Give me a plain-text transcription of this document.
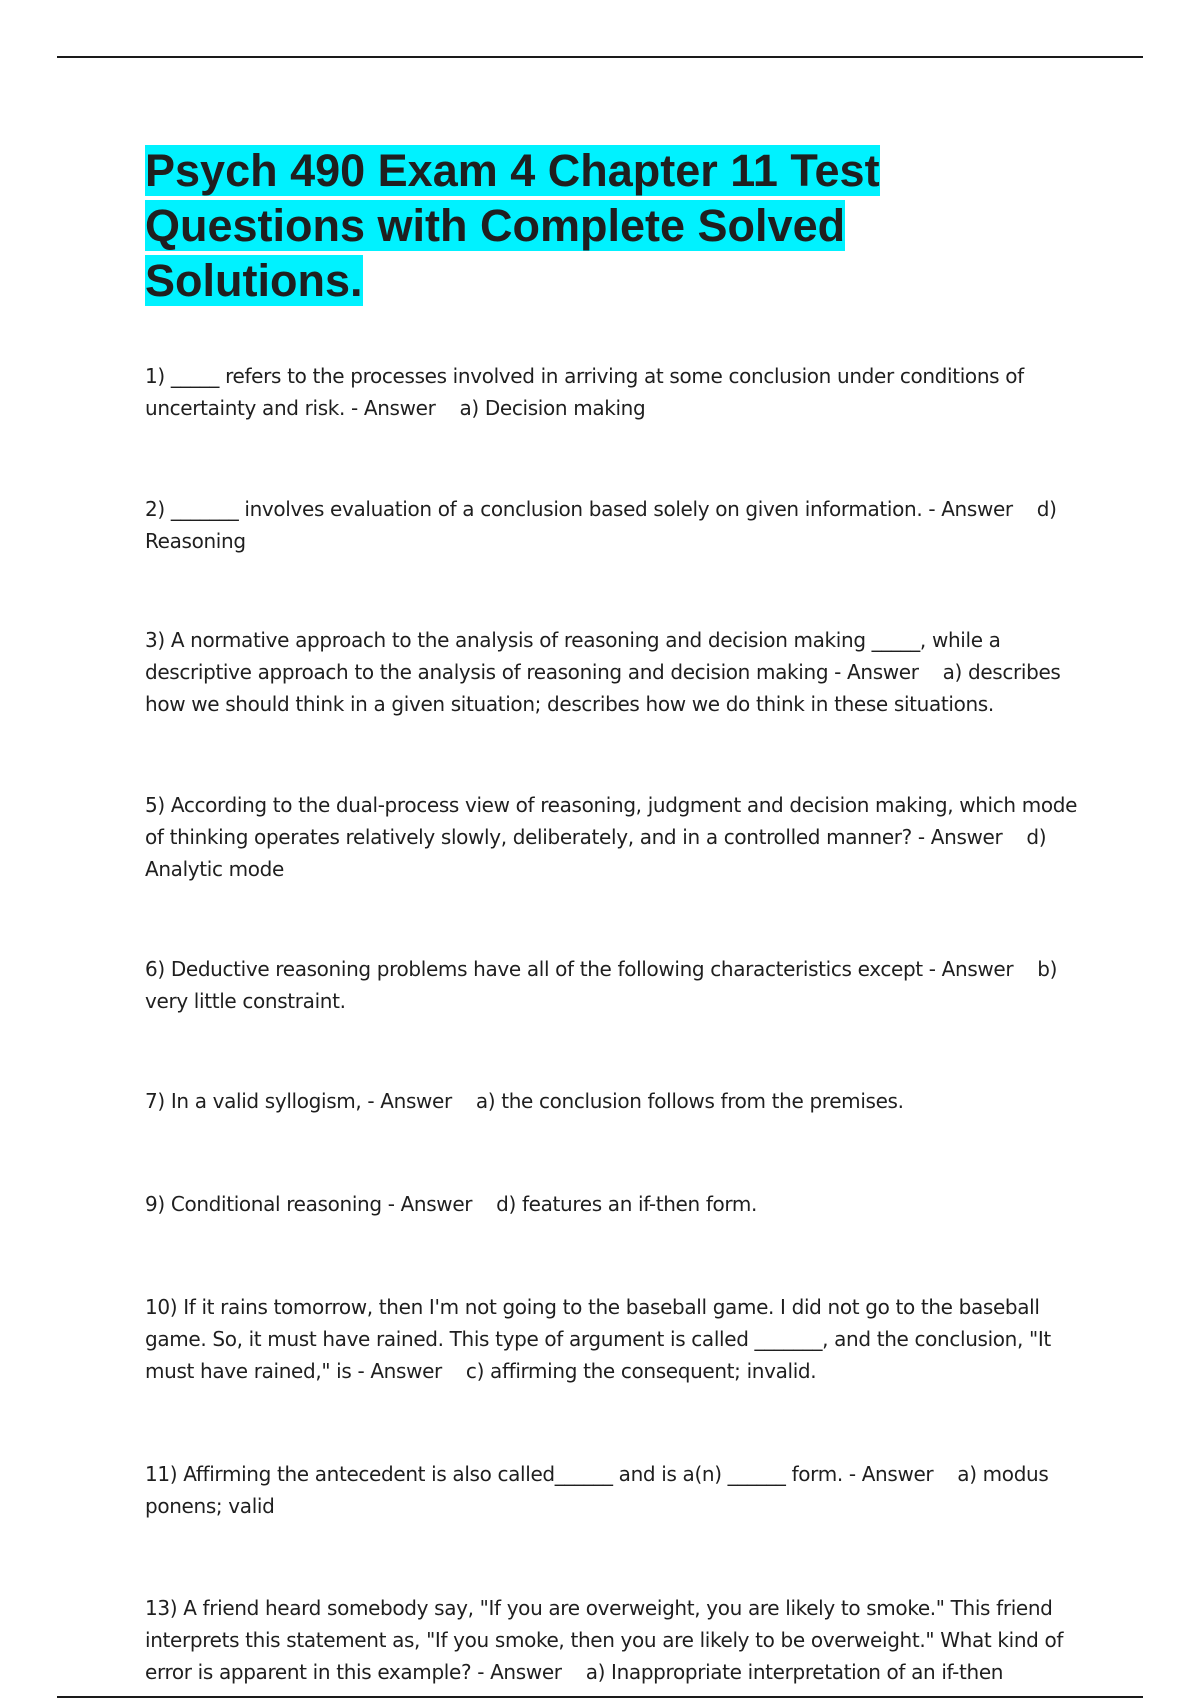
Psych 490 Exam 4 Chapter 11 Test Questions with Complete Solved Solutions.

1) _____ refers to the processes involved in arriving at some conclusion under conditions of uncertainty and risk. - Answer    a) Decision making

2) _______ involves evaluation of a conclusion based solely on given information. - Answer    d) Reasoning

3) A normative approach to the analysis of reasoning and decision making _____, while a descriptive approach to the analysis of reasoning and decision making - Answer    a) describes how we should think in a given situation; describes how we do think in these situations.

5) According to the dual-process view of reasoning, judgment and decision making, which mode of thinking operates relatively slowly, deliberately, and in a controlled manner? - Answer    d) Analytic mode

6) Deductive reasoning problems have all of the following characteristics except - Answer    b) very little constraint.

7) In a valid syllogism, - Answer    a) the conclusion follows from the premises.

9) Conditional reasoning - Answer    d) features an if-then form.

10) If it rains tomorrow, then I'm not going to the baseball game. I did not go to the baseball game. So, it must have rained. This type of argument is called _______, and the conclusion, "It must have rained," is - Answer    c) affirming the consequent; invalid.

11) Affirming the antecedent is also called______ and is a(n) ______ form. - Answer    a) modus ponens; valid

13) A friend heard somebody say, "If you are overweight, you are likely to smoke." This friend interprets this statement as, "If you smoke, then you are likely to be overweight." What kind of error is apparent in this example? - Answer    a) Inappropriate interpretation of an if-then
